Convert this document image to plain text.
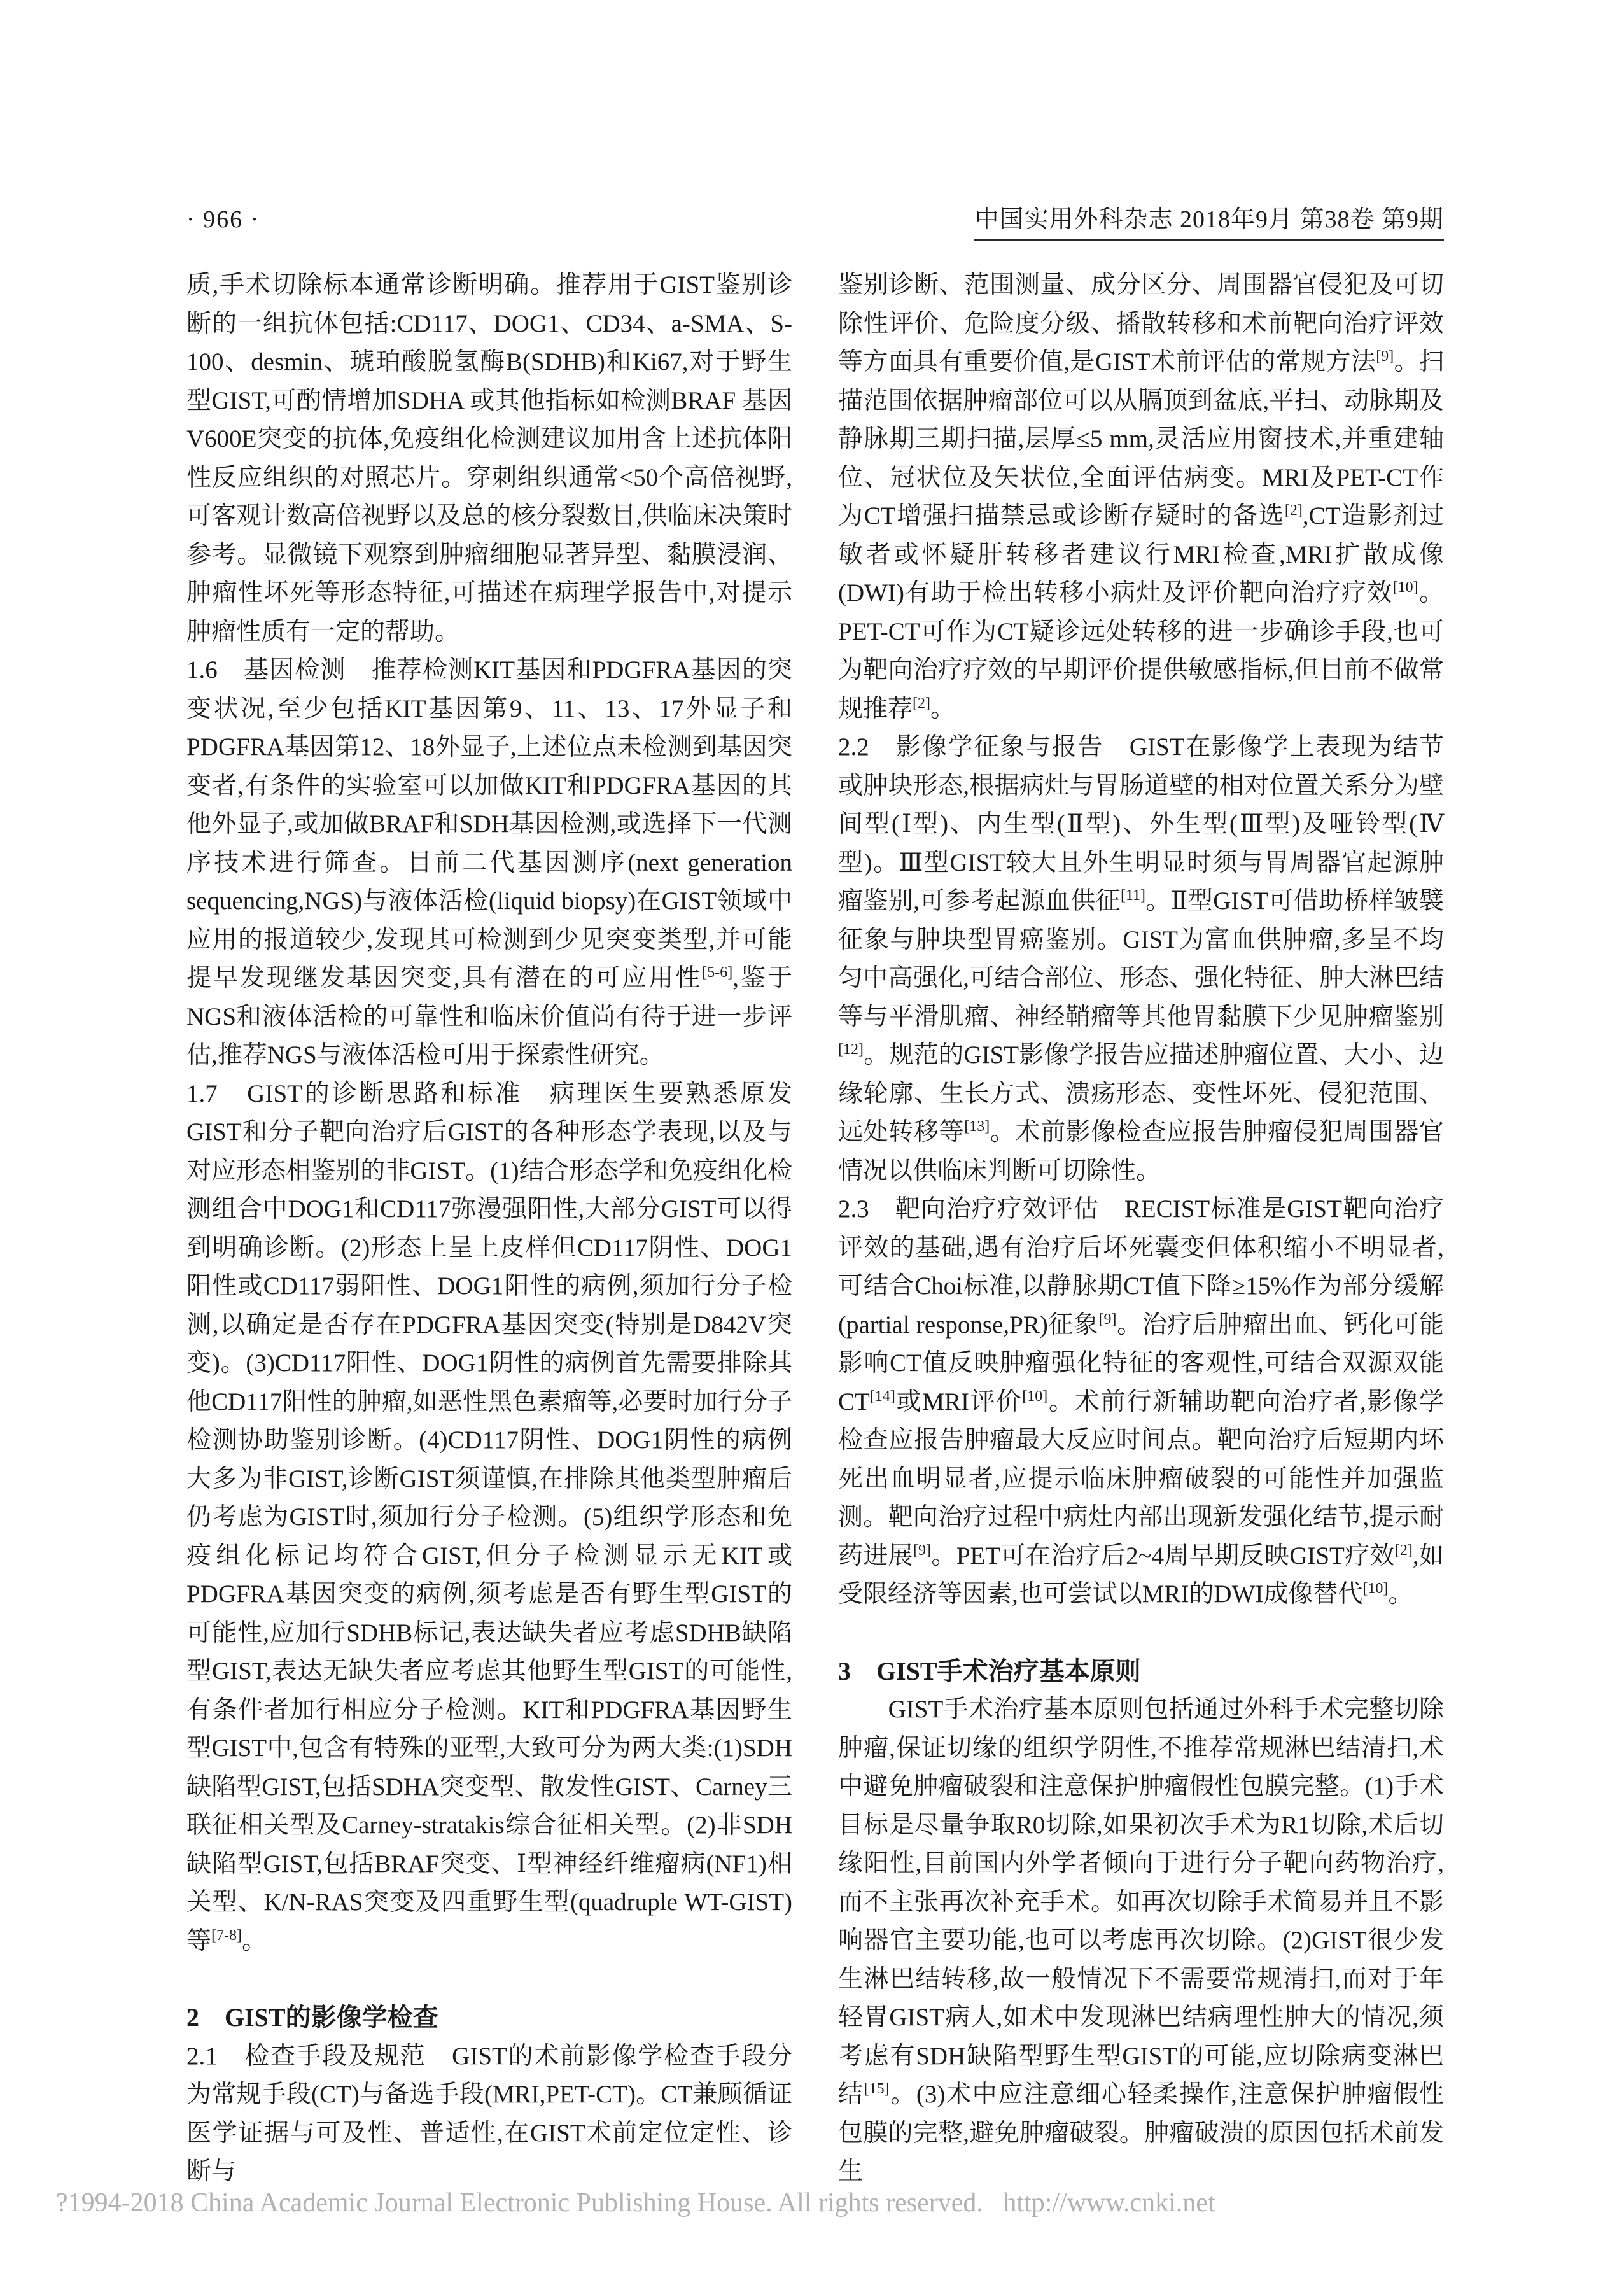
· 966 ·	中国实用外科杂志 2018年9月 第38卷 第9期
质,手术切除标本通常诊断明确。推荐用于GIST鉴别诊断的一组抗体包括:CD117、DOG1、CD34、a-SMA、S-100、desmin、琥珀酸脱氢酶B(SDHB)和Ki67,对于野生型GIST,可酌情增加SDHA 或其他指标如检测BRAF 基因V600E突变的抗体,免疫组化检测建议加用含上述抗体阳性反应组织的对照芯片。穿刺组织通常<50个高倍视野,可客观计数高倍视野以及总的核分裂数目,供临床决策时参考。显微镜下观察到肿瘤细胞显著异型、黏膜浸润、肿瘤性坏死等形态特征,可描述在病理学报告中,对提示肿瘤性质有一定的帮助。
1.6　基因检测　推荐检测KIT基因和PDGFRA基因的突变状况,至少包括KIT基因第9、11、13、17外显子和PDGFRA基因第12、18外显子,上述位点未检测到基因突变者,有条件的实验室可以加做KIT和PDGFRA基因的其他外显子,或加做BRAF和SDH基因检测,或选择下一代测序技术进行筛查。目前二代基因测序(next generation sequencing,NGS)与液体活检(liquid biopsy)在GIST领域中应用的报道较少,发现其可检测到少见突变类型,并可能提早发现继发基因突变,具有潜在的可应用性[5-6],鉴于NGS和液体活检的可靠性和临床价值尚有待于进一步评估,推荐NGS与液体活检可用于探索性研究。
1.7　GIST的诊断思路和标准　病理医生要熟悉原发GIST和分子靶向治疗后GIST的各种形态学表现,以及与对应形态相鉴别的非GIST。(1)结合形态学和免疫组化检测组合中DOG1和CD117弥漫强阳性,大部分GIST可以得到明确诊断。(2)形态上呈上皮样但CD117阴性、DOG1阳性或CD117弱阳性、DOG1阳性的病例,须加行分子检测,以确定是否存在PDGFRA基因突变(特别是D842V突变)。(3)CD117阳性、DOG1阴性的病例首先需要排除其他CD117阳性的肿瘤,如恶性黑色素瘤等,必要时加行分子检测协助鉴别诊断。(4)CD117阴性、DOG1阴性的病例大多为非GIST,诊断GIST须谨慎,在排除其他类型肿瘤后仍考虑为GIST时,须加行分子检测。(5)组织学形态和免疫组化标记均符合GIST,但分子检测显示无KIT或PDGFRA基因突变的病例,须考虑是否有野生型GIST的可能性,应加行SDHB标记,表达缺失者应考虑SDHB缺陷型GIST,表达无缺失者应考虑其他野生型GIST的可能性,有条件者加行相应分子检测。KIT和PDGFRA基因野生型GIST中,包含有特殊的亚型,大致可分为两大类:(1)SDH缺陷型GIST,包括SDHA突变型、散发性GIST、Carney三联征相关型及Carney-stratakis综合征相关型。(2)非SDH缺陷型GIST,包括BRAF突变、Ⅰ型神经纤维瘤病(NF1)相关型、K/N-RAS突变及四重野生型(quadruple WT-GIST)等[7-8]。
2　GIST的影像学检查
2.1　检查手段及规范　GIST的术前影像学检查手段分为常规手段(CT)与备选手段(MRI,PET-CT)。CT兼顾循证医学证据与可及性、普适性,在GIST术前定位定性、诊断与
鉴别诊断、范围测量、成分区分、周围器官侵犯及可切除性评价、危险度分级、播散转移和术前靶向治疗评效等方面具有重要价值,是GIST术前评估的常规方法[9]。扫描范围依据肿瘤部位可以从膈顶到盆底,平扫、动脉期及静脉期三期扫描,层厚≤5 mm,灵活应用窗技术,并重建轴位、冠状位及矢状位,全面评估病变。MRI及PET-CT作为CT增强扫描禁忌或诊断存疑时的备选[2],CT造影剂过敏者或怀疑肝转移者建议行MRI检查,MRI扩散成像(DWI)有助于检出转移小病灶及评价靶向治疗疗效[10]。PET-CT可作为CT疑诊远处转移的进一步确诊手段,也可为靶向治疗疗效的早期评价提供敏感指标,但目前不做常规推荐[2]。
2.2　影像学征象与报告　GIST在影像学上表现为结节或肿块形态,根据病灶与胃肠道壁的相对位置关系分为壁间型(Ⅰ型)、内生型(Ⅱ型)、外生型(Ⅲ型)及哑铃型(Ⅳ型)。Ⅲ型GIST较大且外生明显时须与胃周器官起源肿瘤鉴别,可参考起源血供征[11]。Ⅱ型GIST可借助桥样皱襞征象与肿块型胃癌鉴别。GIST为富血供肿瘤,多呈不均匀中高强化,可结合部位、形态、强化特征、肿大淋巴结等与平滑肌瘤、神经鞘瘤等其他胃黏膜下少见肿瘤鉴别[12]。规范的GIST影像学报告应描述肿瘤位置、大小、边缘轮廓、生长方式、溃疡形态、变性坏死、侵犯范围、远处转移等[13]。术前影像检查应报告肿瘤侵犯周围器官情况以供临床判断可切除性。
2.3　靶向治疗疗效评估　RECIST标准是GIST靶向治疗评效的基础,遇有治疗后坏死囊变但体积缩小不明显者,可结合Choi标准,以静脉期CT值下降≥15%作为部分缓解(partial response,PR)征象[9]。治疗后肿瘤出血、钙化可能影响CT值反映肿瘤强化特征的客观性,可结合双源双能CT[14]或MRI评价[10]。术前行新辅助靶向治疗者,影像学检查应报告肿瘤最大反应时间点。靶向治疗后短期内坏死出血明显者,应提示临床肿瘤破裂的可能性并加强监测。靶向治疗过程中病灶内部出现新发强化结节,提示耐药进展[9]。PET可在治疗后2~4周早期反映GIST疗效[2],如受限经济等因素,也可尝试以MRI的DWI成像替代[10]。
3　GIST手术治疗基本原则
　　GIST手术治疗基本原则包括通过外科手术完整切除肿瘤,保证切缘的组织学阴性,不推荐常规淋巴结清扫,术中避免肿瘤破裂和注意保护肿瘤假性包膜完整。(1)手术目标是尽量争取R0切除,如果初次手术为R1切除,术后切缘阳性,目前国内外学者倾向于进行分子靶向药物治疗,而不主张再次补充手术。如再次切除手术简易并且不影响器官主要功能,也可以考虑再次切除。(2)GIST很少发生淋巴结转移,故一般情况下不需要常规清扫,而对于年轻胃GIST病人,如术中发现淋巴结病理性肿大的情况,须考虑有SDH缺陷型野生型GIST的可能,应切除病变淋巴结[15]。(3)术中应注意细心轻柔操作,注意保护肿瘤假性包膜的完整,避免肿瘤破裂。肿瘤破溃的原因包括术前发生
?1994-2018 China Academic Journal Electronic Publishing House. All rights reserved.   http://www.cnki.net
